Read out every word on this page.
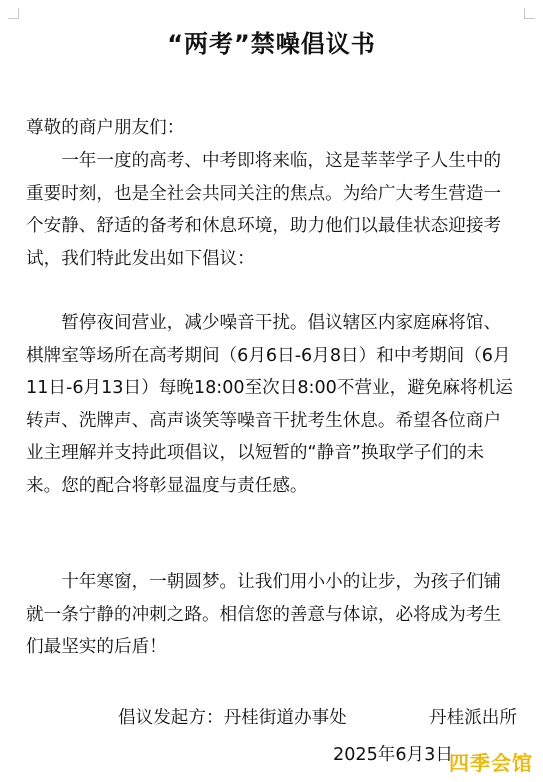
“两考”禁噪倡议书
尊敬的商户朋友们：
一年一度的高考、中考即将来临，这是莘莘学子人生中的重要时刻，也是全社会共同关注的焦点。为给广大考生营造一个安静、舒适的备考和休息环境，助力他们以最佳状态迎接考试，我们特此发出如下倡议：
暂停夜间营业，减少噪音干扰。倡议辖区内家庭麻将馆、棋牌室等场所在高考期间（6月6日-6月8日）和中考期间（6月11日-6月13日）每晚18:00至次日8:00不营业，避免麻将机运转声、洗牌声、高声谈笑等噪音干扰考生休息。希望各位商户业主理解并支持此项倡议，以短暂的“静音”换取学子们的未来。您的配合将彰显温度与责任感。
十年寒窗，一朝圆梦。让我们用小小的让步，为孩子们铺就一条宁静的冲刺之路。相信您的善意与体谅，必将成为考生们最坚实的后盾！
倡议发起方：丹桂街道办事处	丹桂派出所
2025年6月3日
四季会馆
